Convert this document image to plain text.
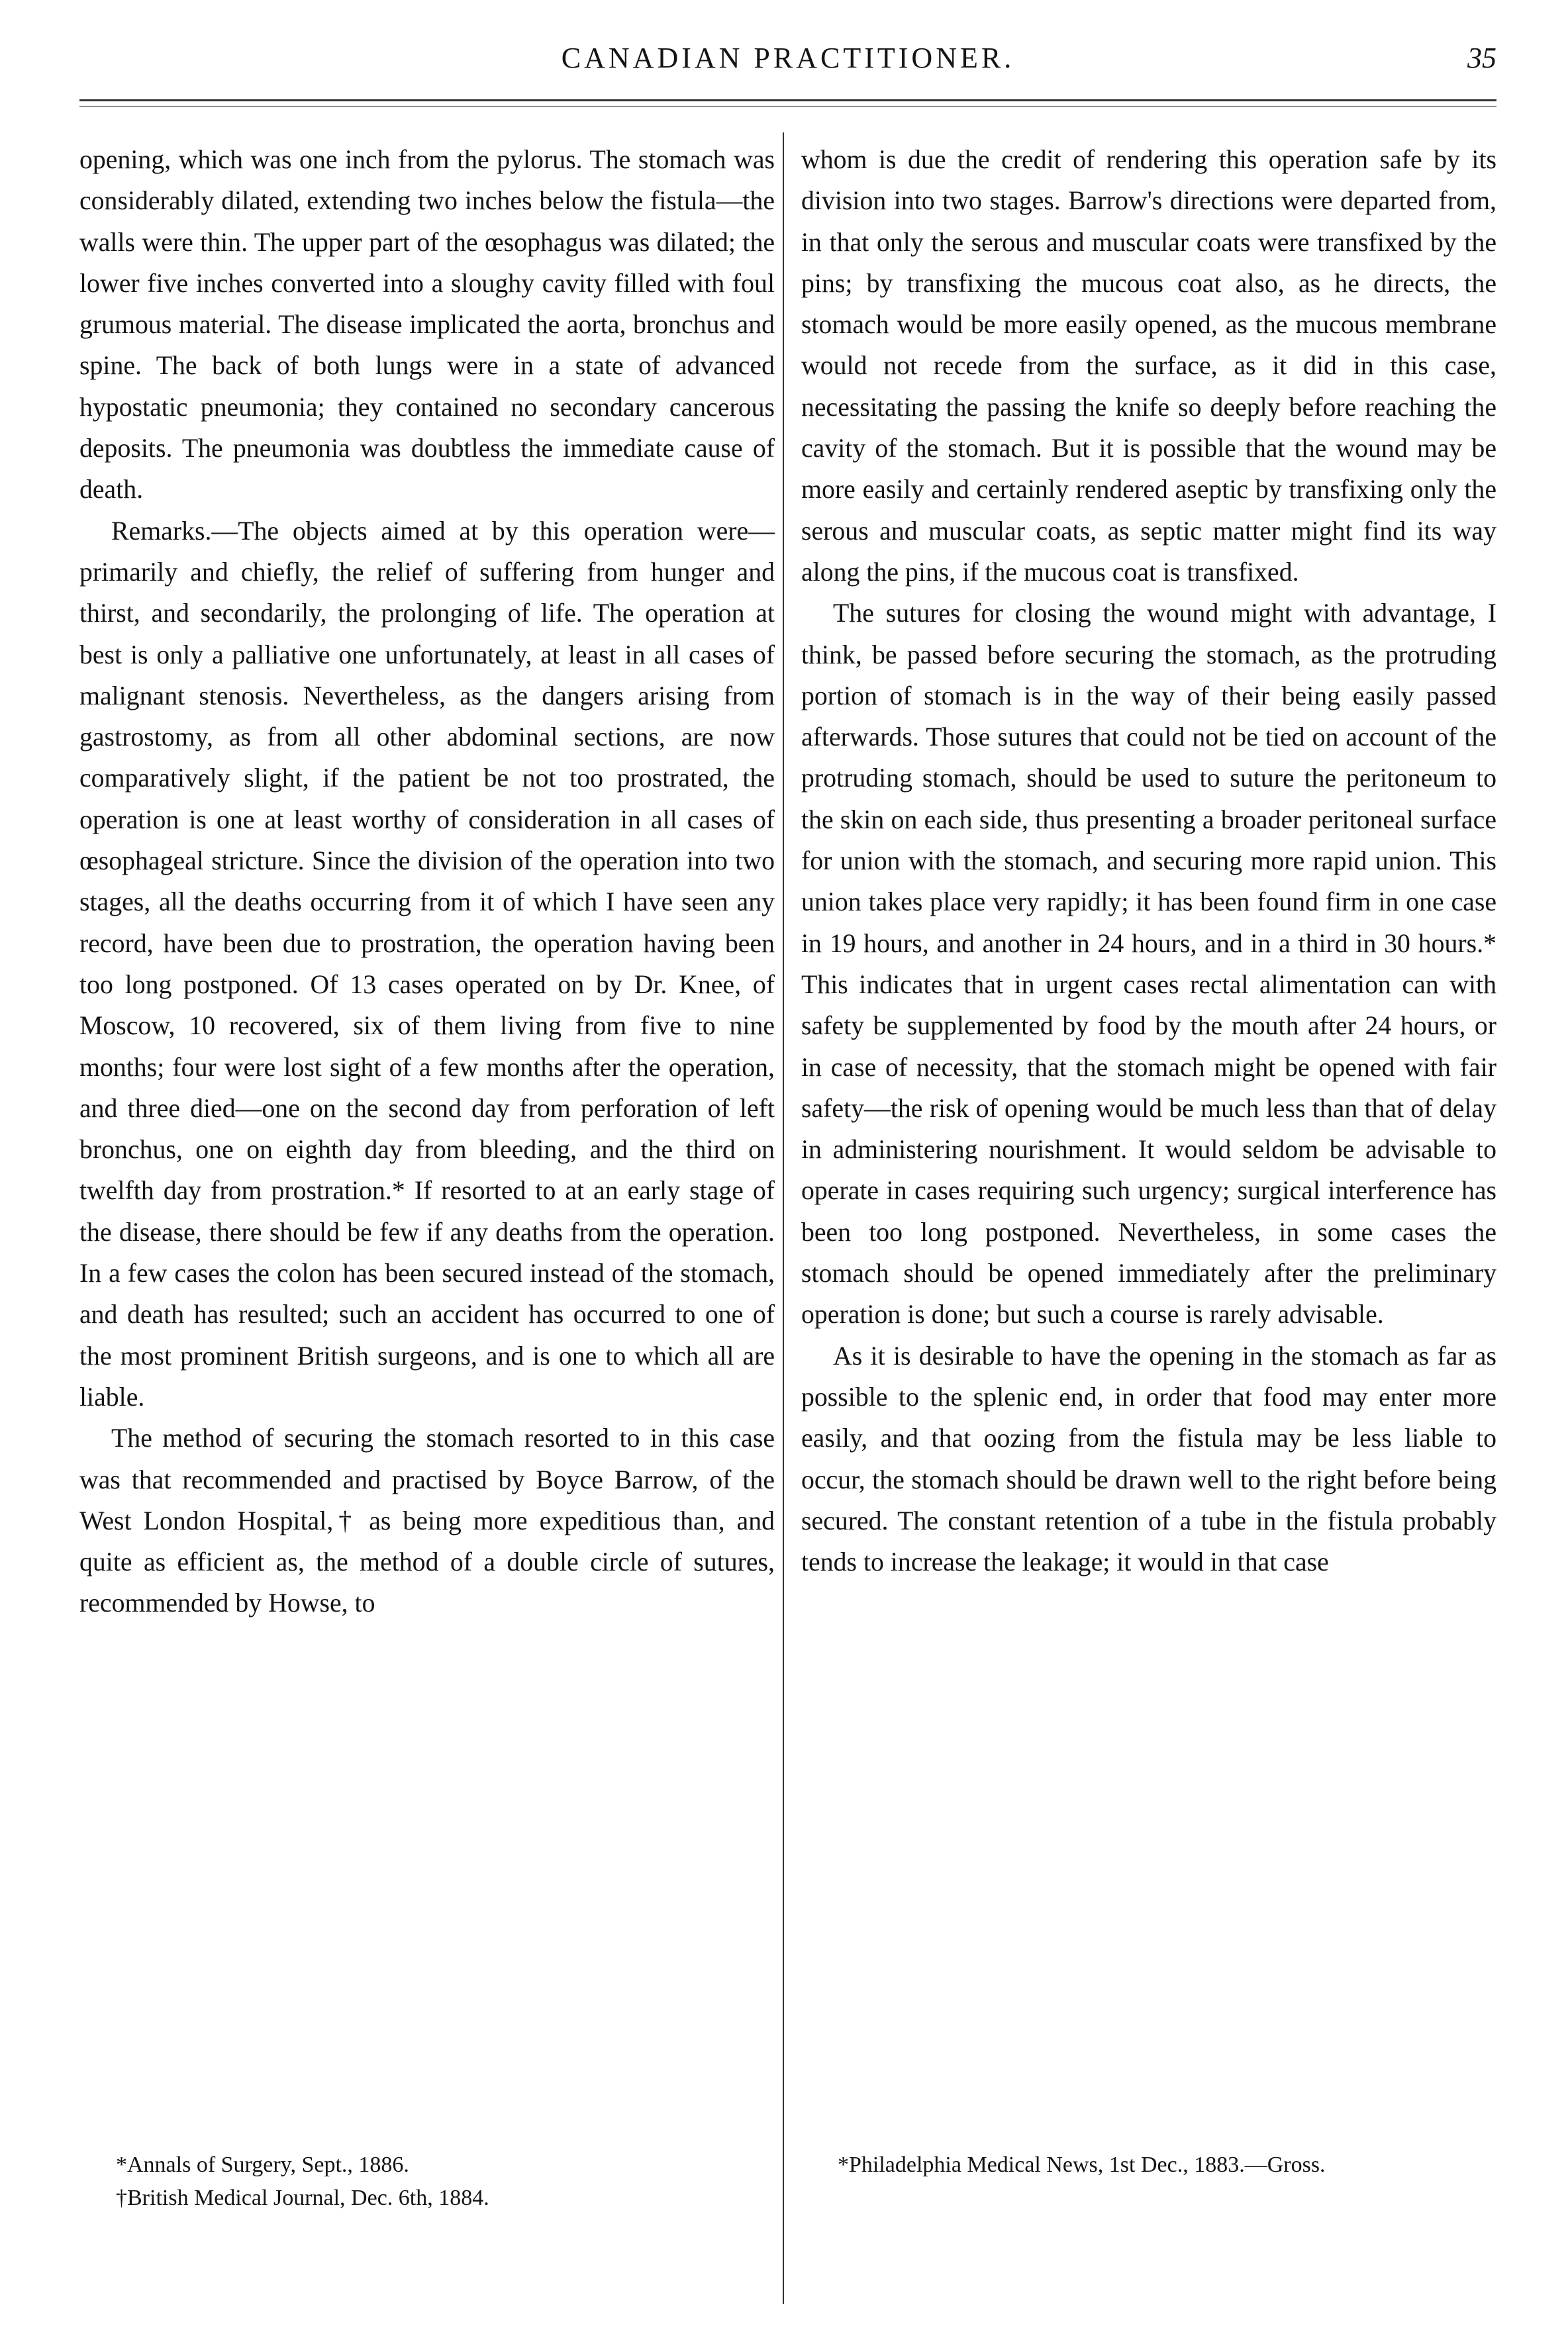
CANADIAN PRACTITIONER.	35

opening, which was one inch from the pylorus. The stomach was considerably dilated, extending two inches below the fistula—the walls were thin. The upper part of the œsophagus was dilated; the lower five inches converted into a sloughy cavity filled with foul grumous material. The disease implicated the aorta, bronchus and spine. The back of both lungs were in a state of advanced hypostatic pneumonia; they contained no secondary cancerous deposits. The pneumonia was doubtless the immediate cause of death.

Remarks.—The objects aimed at by this operation were—primarily and chiefly, the relief of suffering from hunger and thirst, and secondarily, the prolonging of life. The operation at best is only a palliative one unfortunately, at least in all cases of malignant stenosis. Nevertheless, as the dangers arising from gastrostomy, as from all other abdominal sections, are now comparatively slight, if the patient be not too prostrated, the operation is one at least worthy of consideration in all cases of œsophageal stricture. Since the division of the operation into two stages, all the deaths occurring from it of which I have seen any record, have been due to prostration, the operation having been too long postponed. Of 13 cases operated on by Dr. Knee, of Moscow, 10 recovered, six of them living from five to nine months; four were lost sight of a few months after the operation, and three died—one on the second day from perforation of left bronchus, one on eighth day from bleeding, and the third on twelfth day from prostration.* If resorted to at an early stage of the disease, there should be few if any deaths from the operation. In a few cases the colon has been secured instead of the stomach, and death has resulted; such an accident has occurred to one of the most prominent British surgeons, and is one to which all are liable.

The method of securing the stomach resorted to in this case was that recommended and practised by Boyce Barrow, of the West London Hospital,† as being more expeditious than, and quite as efficient as, the method of a double circle of sutures, recommended by Howse, to

*Annals of Surgery, Sept., 1886.
†British Medical Journal, Dec. 6th, 1884.

whom is due the credit of rendering this operation safe by its division into two stages. Barrow's directions were departed from, in that only the serous and muscular coats were transfixed by the pins; by transfixing the mucous coat also, as he directs, the stomach would be more easily opened, as the mucous membrane would not recede from the surface, as it did in this case, necessitating the passing the knife so deeply before reaching the cavity of the stomach. But it is possible that the wound may be more easily and certainly rendered aseptic by transfixing only the serous and muscular coats, as septic matter might find its way along the pins, if the mucous coat is transfixed.

The sutures for closing the wound might with advantage, I think, be passed before securing the stomach, as the protruding portion of stomach is in the way of their being easily passed afterwards. Those sutures that could not be tied on account of the protruding stomach, should be used to suture the peritoneum to the skin on each side, thus presenting a broader peritoneal surface for union with the stomach, and securing more rapid union. This union takes place very rapidly; it has been found firm in one case in 19 hours, and another in 24 hours, and in a third in 30 hours.* This indicates that in urgent cases rectal alimentation can with safety be supplemented by food by the mouth after 24 hours, or in case of necessity, that the stomach might be opened with fair safety—the risk of opening would be much less than that of delay in administering nourishment. It would seldom be advisable to operate in cases requiring such urgency; surgical interference has been too long postponed. Nevertheless, in some cases the stomach should be opened immediately after the preliminary operation is done; but such a course is rarely advisable.

As it is desirable to have the opening in the stomach as far as possible to the splenic end, in order that food may enter more easily, and that oozing from the fistula may be less liable to occur, the stomach should be drawn well to the right before being secured. The constant retention of a tube in the fistula probably tends to increase the leakage; it would in that case

*Philadelphia Medical News, 1st Dec., 1883.—Gross.
